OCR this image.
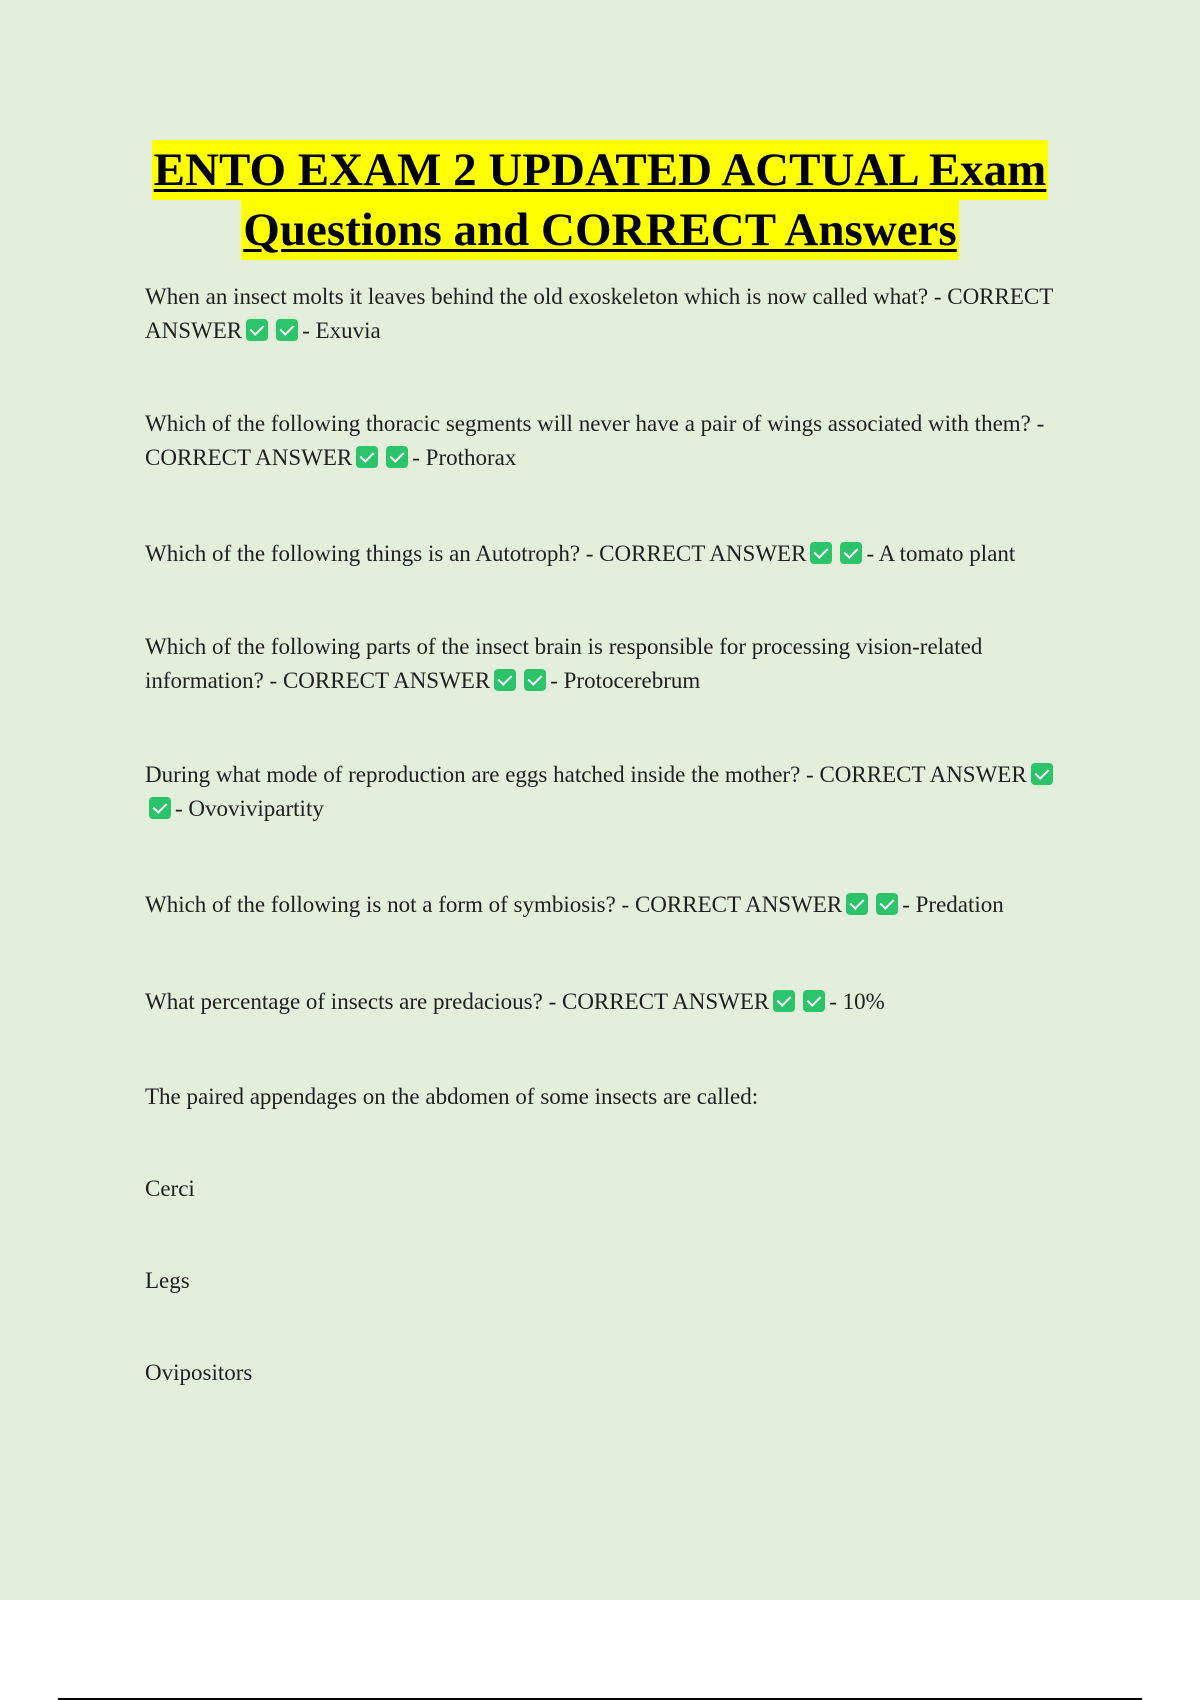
ENTO EXAM 2 UPDATED ACTUAL Exam
Questions and CORRECT Answers

When an insect molts it leaves behind the old exoskeleton which is now called what? - CORRECT ANSWER	- Exuvia

Which of the following thoracic segments will never have a pair of wings associated with them? - CORRECT ANSWER	- Prothorax

Which of the following things is an Autotroph? - CORRECT ANSWER	- A tomato plant

Which of the following parts of the insect brain is responsible for processing vision-related information? - CORRECT ANSWER	- Protocerebrum

During what mode of reproduction are eggs hatched inside the mother? - CORRECT ANSWER- Ovovivipartity

Which of the following is not a form of symbiosis? - CORRECT ANSWER	- Predation

What percentage of insects are predacious? - CORRECT ANSWER	- 10%

The paired appendages on the abdomen of some insects are called:

Cerci

Legs

Ovipositors
